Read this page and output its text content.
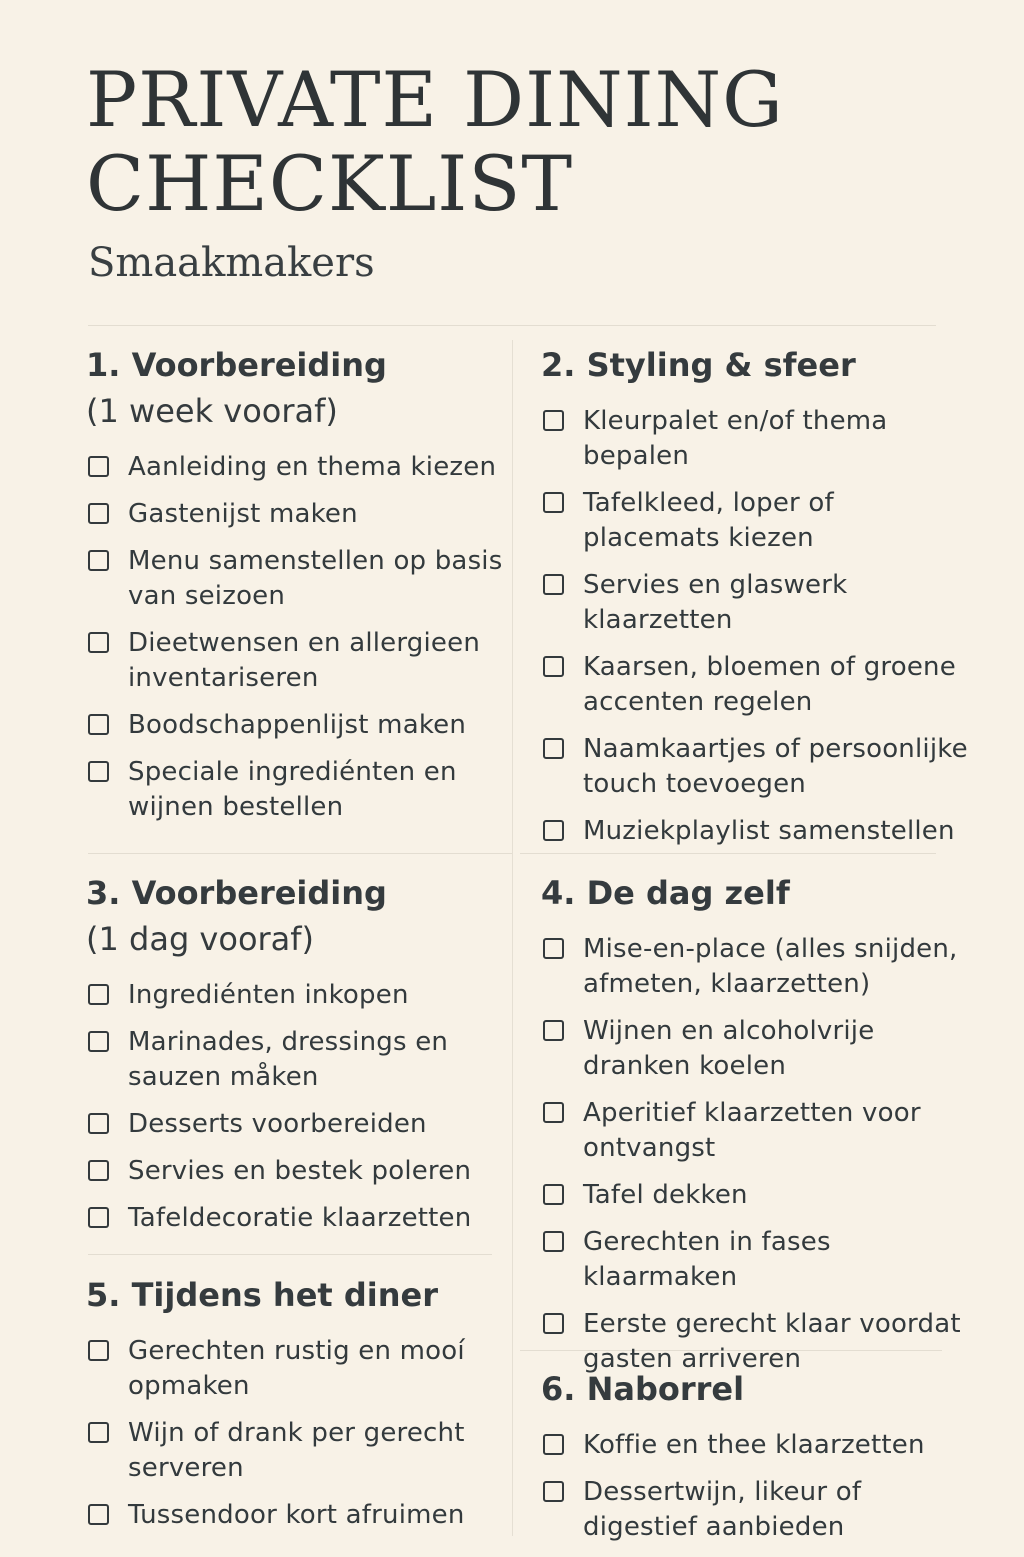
PRIVATE DINING
CHECKLIST

Smaakmakers

1. Voorbereiding
(1 week vooraf)
Aanleiding en thema kiezen
Gastenijst maken
Menu samenstellen op basis van seizoen
Dieetwensen en allergieen inventariseren
Boodschappenlijst maken
Speciale ingrediénten en wijnen bestellen
2. Styling & sfeer
Kleurpalet en/of thema bepalen
Tafelkleed, loper of placemats kiezen
Servies en glaswerk klaarzetten
Kaarsen, bloemen of groene accenten regelen
Naamkaartjes of persoonlijke touch toevoegen
Muziekplaylist samenstellen
3. Voorbereiding
(1 dag vooraf)
Ingrediénten inkopen
Marinades, dressings en sauzen måken
Desserts voorbereiden
Servies en bestek poleren
Tafeldecoratie klaarzetten
4. De dag zelf
Mise-en-place (alles snijden, afmeten, klaarzetten)
Wijnen en alcoholvrije dranken koelen
Aperitief klaarzetten voor ontvangst
Tafel dekken
Gerechten in fases klaarmaken
Eerste gerecht klaar voordat gasten arriveren
5. Tijdens het diner
Gerechten rustig en mooí opmaken
Wijn of drank per gerecht serveren
Tussendoor kort afruimen
6. Naborrel
Koffie en thee klaarzetten
Dessertwijn, likeur of digestief aanbieden
